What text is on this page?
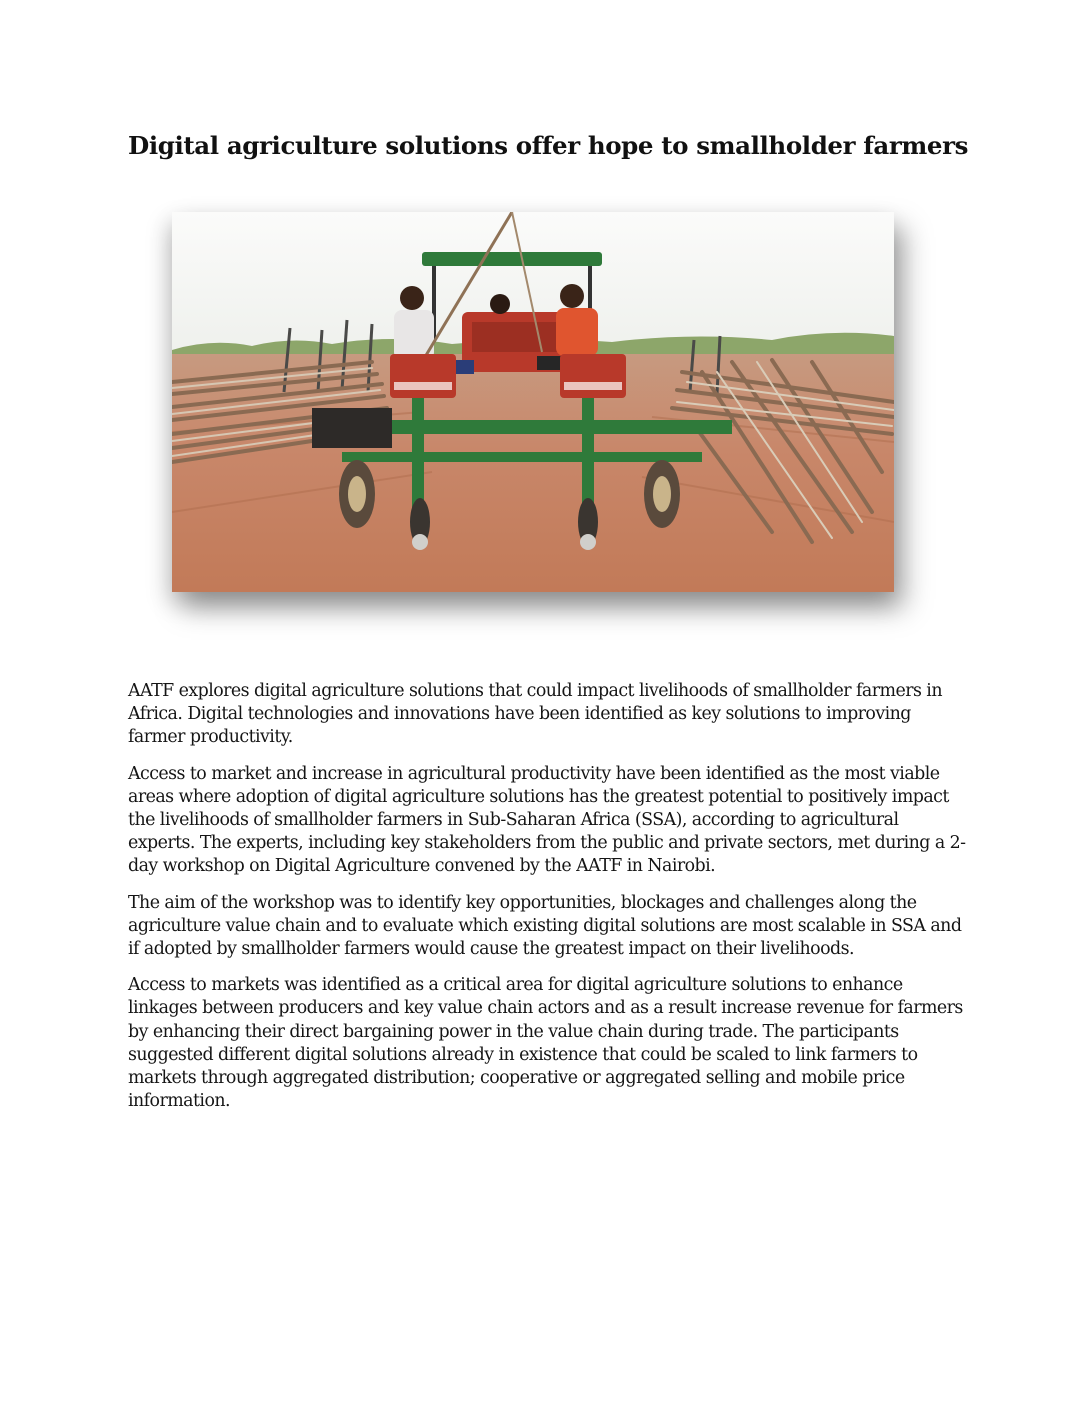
Digital agriculture solutions offer hope to smallholder farmers

AATF explores digital agriculture solutions that could impact livelihoods of smallholder farmers in Africa. Digital technologies and innovations have been identified as key solutions to improving farmer productivity.

Access to market and increase in agricultural productivity have been identified as the most viable areas where adoption of digital agriculture solutions has the greatest potential to positively impact the livelihoods of smallholder farmers in Sub-Saharan Africa (SSA), according to agricultural experts. The experts, including key stakeholders from the public and private sectors, met during a 2-day workshop on Digital Agriculture convened by the AATF in Nairobi.

The aim of the workshop was to identify key opportunities, blockages and challenges along the agriculture value chain and to evaluate which existing digital solutions are most scalable in SSA and if adopted by smallholder farmers would cause the greatest impact on their livelihoods.

Access to markets was identified as a critical area for digital agriculture solutions to enhance linkages between producers and key value chain actors and as a result increase revenue for farmers by enhancing their direct bargaining power in the value chain during trade. The participants suggested different digital solutions already in existence that could be scaled to link farmers to markets through aggregated distribution; cooperative or aggregated selling and mobile price information.
